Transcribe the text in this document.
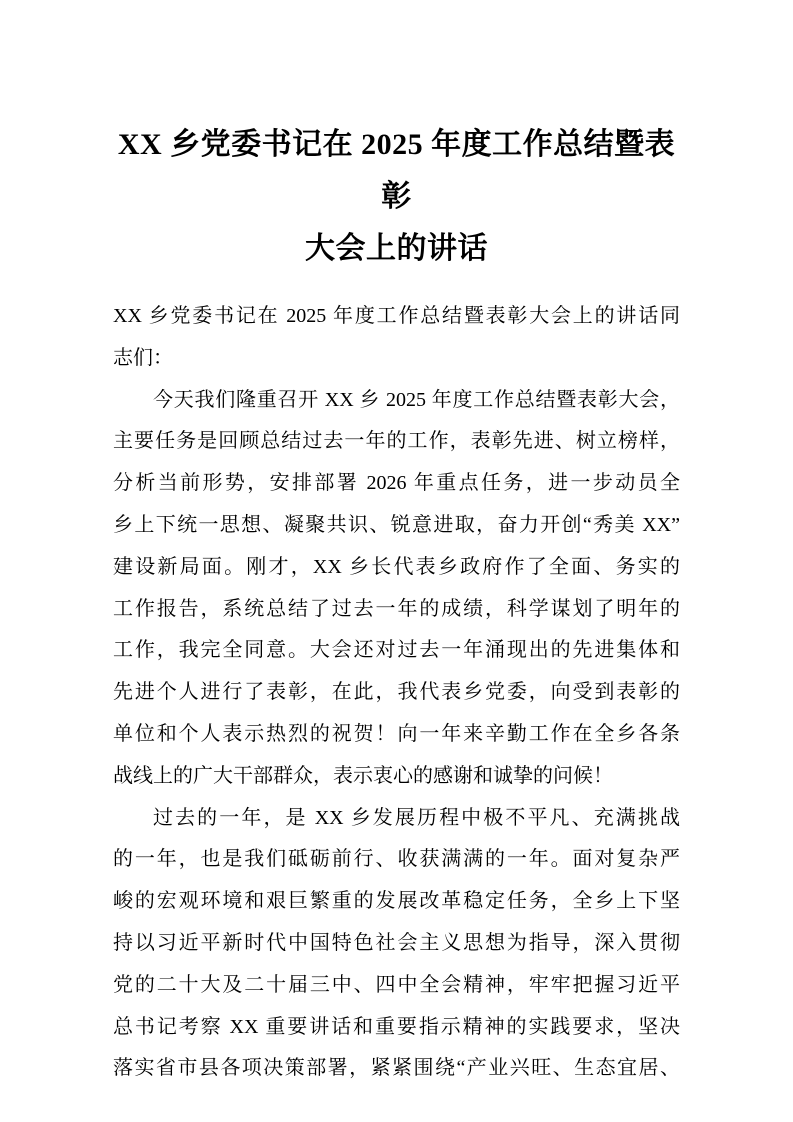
XX 乡党委书记在 2025 年度工作总结暨表彰
大会上的讲话
XX 乡党委书记在 2025 年度工作总结暨表彰大会上的讲话同
志们：
今天我们隆重召开 XX 乡 2025 年度工作总结暨表彰大会，
主要任务是回顾总结过去一年的工作，表彰先进、树立榜样，
分析当前形势，安排部署 2026 年重点任务，进一步动员全
乡上下统一思想、凝聚共识、锐意进取，奋力开创“秀美 XX”
建设新局面。刚才，XX 乡长代表乡政府作了全面、务实的
工作报告，系统总结了过去一年的成绩，科学谋划了明年的
工作，我完全同意。大会还对过去一年涌现出的先进集体和
先进个人进行了表彰，在此，我代表乡党委，向受到表彰的
单位和个人表示热烈的祝贺！向一年来辛勤工作在全乡各条
战线上的广大干部群众，表示衷心的感谢和诚挚的问候！
过去的一年，是 XX 乡发展历程中极不平凡、充满挑战
的一年，也是我们砥砺前行、收获满满的一年。面对复杂严
峻的宏观环境和艰巨繁重的发展改革稳定任务，全乡上下坚
持以习近平新时代中国特色社会主义思想为指导，深入贯彻
党的二十大及二十届三中、四中全会精神，牢牢把握习近平
总书记考察 XX 重要讲话和重要指示精神的实践要求，坚决
落实省市县各项决策部署，紧紧围绕“产业兴旺、生态宜居、
